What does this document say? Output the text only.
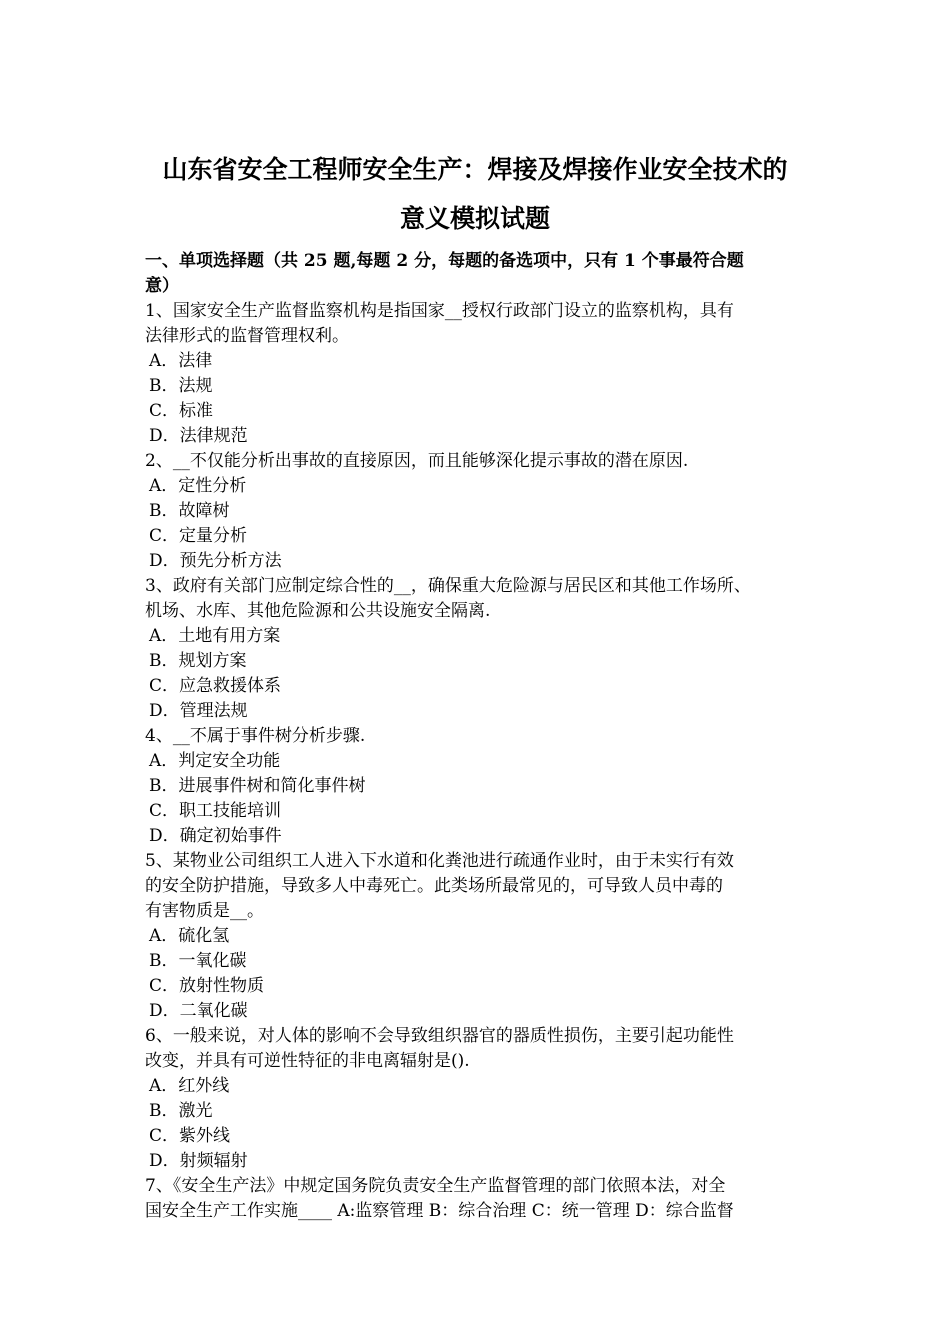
山东省安全工程师安全生产：焊接及焊接作业安全技术的
意义模拟试题
一、单项选择题（共 25 题,每题 2 分，每题的备选项中，只有 1 个事最符合题
意）
1、国家安全生产监督监察机构是指国家__授权行政部门设立的监察机构，具有
法律形式的监督管理权利。
A．法律
B．法规
C．标准
D．法律规范
2、__不仅能分析出事故的直接原因，而且能够深化提示事故的潜在原因.
A．定性分析
B．故障树
C．定量分析
D．预先分析方法
3、政府有关部门应制定综合性的__，确保重大危险源与居民区和其他工作场所、
机场、水库、其他危险源和公共设施安全隔离.
A．土地有用方案
B．规划方案
C．应急救援体系
D．管理法规
4、__不属于事件树分析步骤.
A．判定安全功能
B．进展事件树和简化事件树
C．职工技能培训
D．确定初始事件
5、某物业公司组织工人进入下水道和化粪池进行疏通作业时，由于未实行有效
的安全防护措施，导致多人中毒死亡。此类场所最常见的，可导致人员中毒的
有害物质是__。
A．硫化氢
B．一氧化碳
C．放射性物质
D．二氧化碳
6、一般来说，对人体的影响不会导致组织器官的器质性损伤，主要引起功能性
改变，并具有可逆性特征的非电离辐射是().
A．红外线
B．激光
C．紫外线
D．射频辐射
7、《安全生产法》中规定国务院负责安全生产监督管理的部门依照本法，对全
国安全生产工作实施____ A:监察管理 B：综合治理 C：统一管理 D：综合监督
